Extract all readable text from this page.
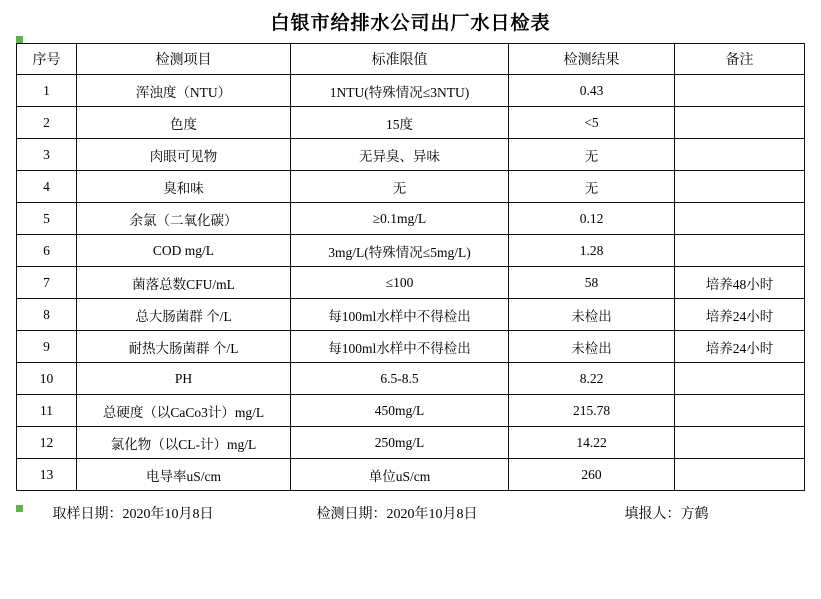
白银市给排水公司出厂水日检表
序号	检测项目	标准限值	检测结果	备注
1	浑浊度（NTU）	1NTU(特殊情况≤3NTU)	0.43	
2	色度	15度	<5	
3	肉眼可见物	无异臭、异味	无	
4	臭和味	无	无	
5	余氯（二氧化碳）	≥0.1mg/L	0.12	
6	COD mg/L	3mg/L(特殊情况≤5mg/L)	1.28	
7	菌落总数CFU/mL	≤100	58	培养48小时
8	总大肠菌群 个/L	每100ml水样中不得检出	未检出	培养24小时
9	耐热大肠菌群 个/L	每100ml水样中不得检出	未检出	培养24小时
10	PH	6.5-8.5	8.22	
11	总硬度（以CaCo3计）mg/L	450mg/L	215.78	
12	氯化物（以CL-计）mg/L	250mg/L	14.22	
13	电导率uS/cm	单位uS/cm	260	
取样日期：2020年10月8日	检测日期：2020年10月8日	填报人：方鹤
